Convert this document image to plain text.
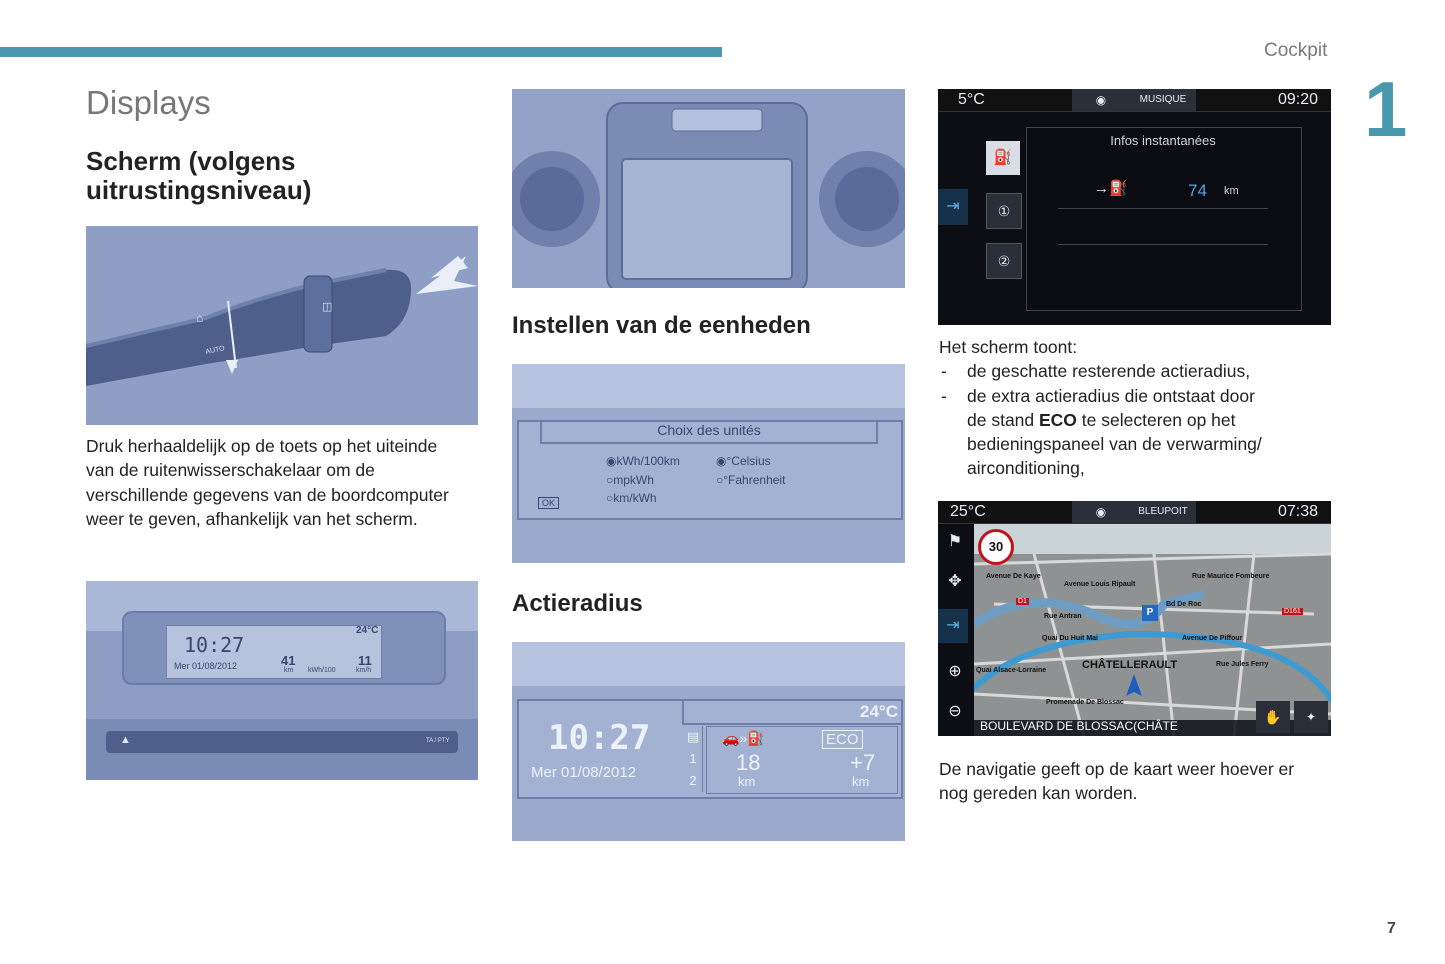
Cockpit
1
Displays
Scherm (volgens
uitrustingsniveau)
⌂
◫
AUTO
Druk herhaaldelijk op de toets op het uiteinde
van de ruitenwisserschakelaar om de
verschillende gegevens van de boordcomputer
weer te geven, afhankelijk van het scherm.
10:27
Mer 01/08/2012
24°C
41
km kWh/100
11
km/h
▲	TA / PTY
Instellen van de eenheden
Choix des unités
◉kWh/100km
○mpkWh
○km/kWh
◉°Celsius
○°Fahrenheit
OK
Actieradius
10:27
Mer 01/08/2012
24°C
▤
1
2
🚗»⛽	ECO
18
km
+7
km
5°C	◉	MUSIQUE	09:20
⇥
⛽
①
②
Infos instantanées
→⛽	74 km
Het scherm toont:
- de geschatte resterende actieradius,
- de extra actieradius die ontstaat door
de stand ECO te selecteren op het
bedieningspaneel van de verwarming/
airconditioning,
25°C	◉	BLEUPOIT	07:38
30
Avenue De Kaye
Avenue Louis Ripault
Rue Maurice Fombeure
D1
Rue Antran
Bd De Roc
D161
Quai Du Huit Mai	Avenue De Piffour
Quai Alsace-Lorraine	CHÂTELLERAULT	Rue Jules Ferry
Promenade De Blossac
P
⚑
✥
⇥
⊕
⊖
BOULEVARD DE BLOSSAC(CHÂTE
✋	✦
De navigatie geeft op de kaart weer hoever er
nog gereden kan worden.
7
